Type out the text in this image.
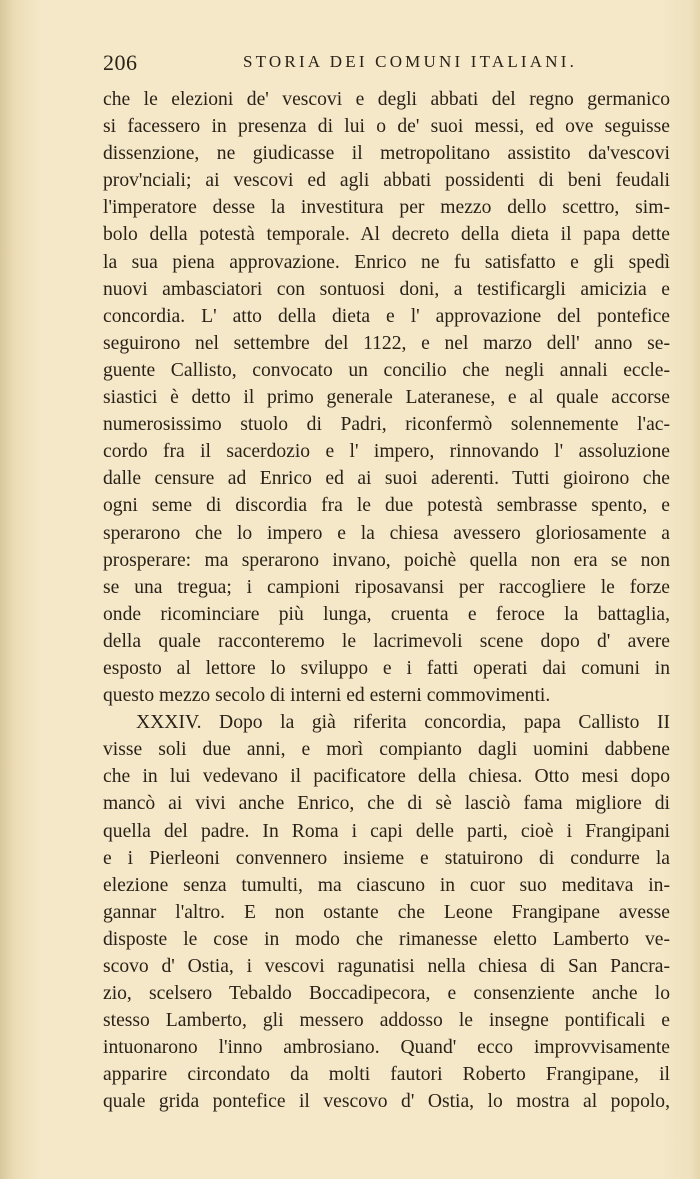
206	STORIA DEI COMUNI ITALIANI.
che le elezioni de' vescovi e degli abbati del regno germanico
si facessero in presenza di lui o de' suoi messi, ed ove seguisse
dissenzione, ne giudicasse il metropolitano assistito da'vescovi
prov'nciali; ai vescovi ed agli abbati possidenti di beni feudali
l'imperatore desse la investitura per mezzo dello scettro, sim-
bolo della potestà temporale. Al decreto della dieta il papa dette
la sua piena approvazione. Enrico ne fu satisfatto e gli spedì
nuovi ambasciatori con sontuosi doni, a testificargli amicizia e
concordia. L' atto della dieta e l' approvazione del pontefice
seguirono nel settembre del 1122, e nel marzo dell' anno se-
guente Callisto, convocato un concilio che negli annali eccle-
siastici è detto il primo generale Lateranese, e al quale accorse
numerosissimo stuolo di Padri, riconfermò solennemente l'ac-
cordo fra il sacerdozio e l' impero, rinnovando l' assoluzione
dalle censure ad Enrico ed ai suoi aderenti. Tutti gioirono che
ogni seme di discordia fra le due potestà sembrasse spento, e
sperarono che lo impero e la chiesa avessero gloriosamente a
prosperare: ma sperarono invano, poichè quella non era se non
se una tregua; i campioni riposavansi per raccogliere le forze
onde ricominciare più lunga, cruenta e feroce la battaglia,
della quale racconteremo le lacrimevoli scene dopo d' avere
esposto al lettore lo sviluppo e i fatti operati dai comuni in
questo mezzo secolo di interni ed esterni commovimenti.
XXXIV. Dopo la già riferita concordia, papa Callisto II
visse soli due anni, e morì compianto dagli uomini dabbene
che in lui vedevano il pacificatore della chiesa. Otto mesi dopo
mancò ai vivi anche Enrico, che di sè lasciò fama migliore di
quella del padre. In Roma i capi delle parti, cioè i Frangipani
e i Pierleoni convennero insieme e statuirono di condurre la
elezione senza tumulti, ma ciascuno in cuor suo meditava in-
gannar l'altro. E non ostante che Leone Frangipane avesse
disposte le cose in modo che rimanesse eletto Lamberto ve-
scovo d' Ostia, i vescovi ragunatisi nella chiesa di San Pancra-
zio, scelsero Tebaldo Boccadipecora, e consenziente anche lo
stesso Lamberto, gli messero addosso le insegne pontificali e
intuonarono l'inno ambrosiano. Quand' ecco improvvisamente
apparire circondato da molti fautori Roberto Frangipane, il
quale grida pontefice il vescovo d' Ostia, lo mostra al popolo,
